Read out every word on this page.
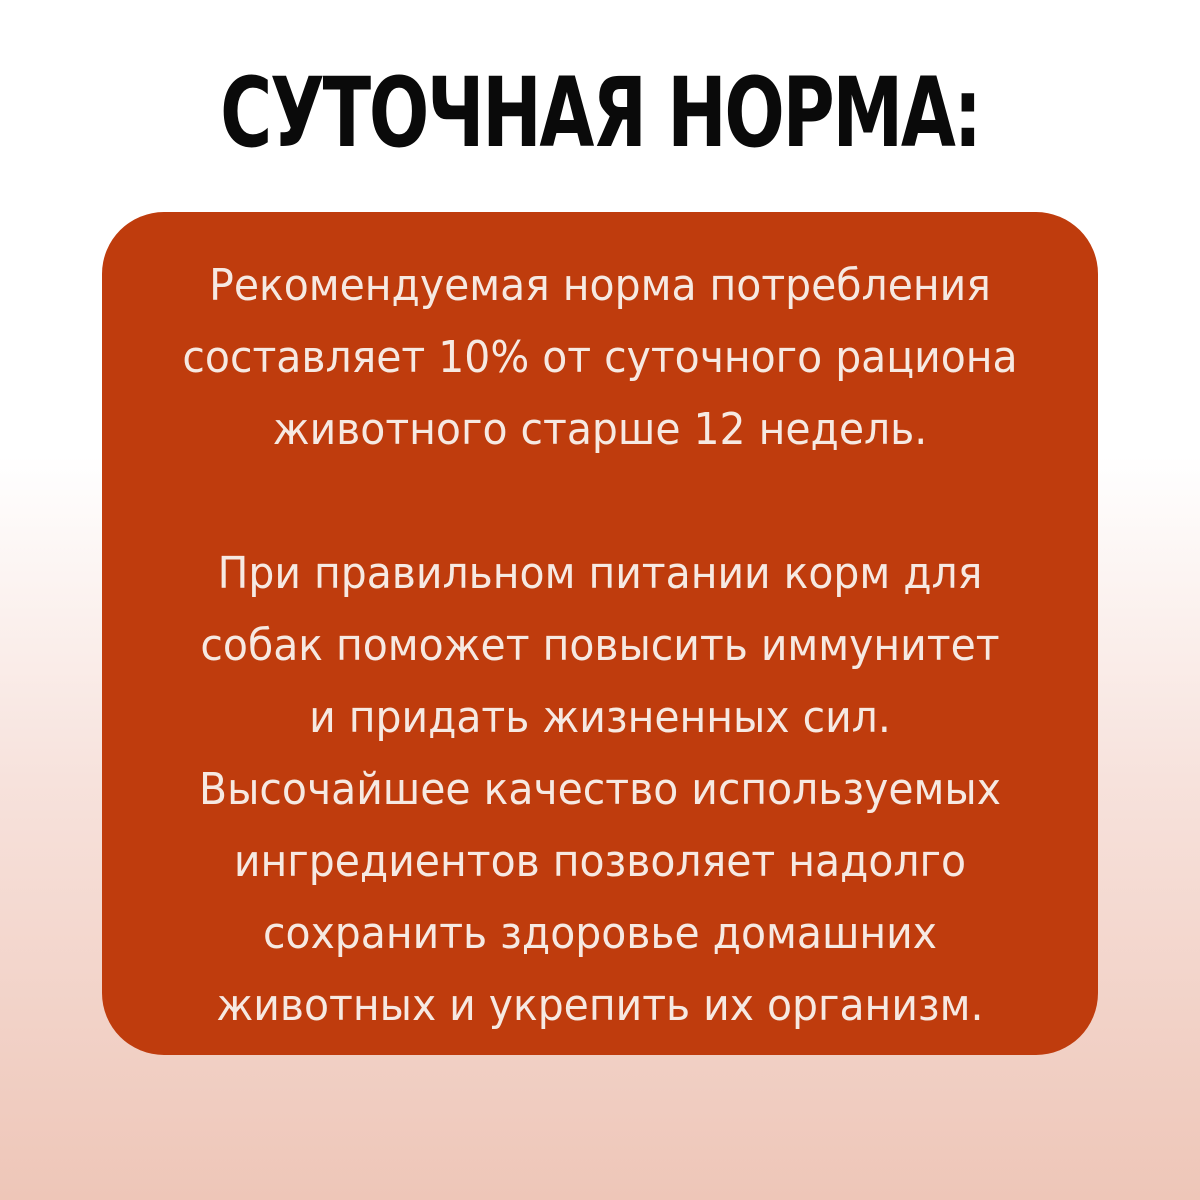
СУТОЧНАЯ НОРМА:

Рекомендуемая норма потребления
составляет 10% от суточного рациона
животного старше 12 недель.

При правильном питании корм для
собак поможет повысить иммунитет
и придать жизненных сил.
Высочайшее качество используемых
ингредиентов позволяет надолго
сохранить здоровье домашних
животных и укрепить их организм.
